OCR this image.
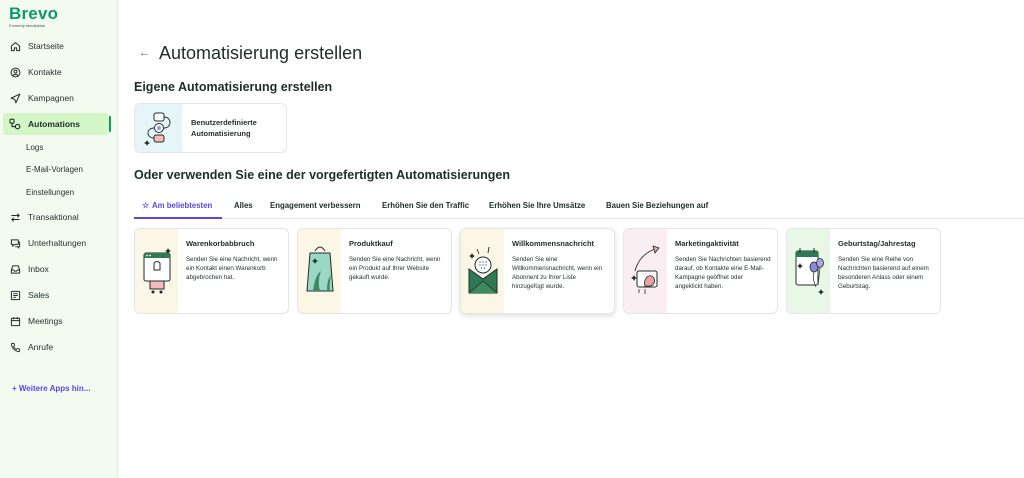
Brevo
Formerly sendinblue
Startseite
Kontakte
Kampagnen
Automations
Logs
E-Mail-Vorlagen
Einstellungen
Transaktional
Unterhaltungen
Inbox
Sales
Meetings
Anrufe
+ Weitere Apps hin...
← Automatisierung erstellen
Eigene Automatisierung erstellen
Benutzerdefinierte
Automatisierung
Oder verwenden Sie eine der vorgefertigten Automatisierungen
☆ Am beliebtesten	Alles Engagement verbessern	Erhöhen Sie den Traffic	Erhöhen Sie Ihre Umsätze	Bauen Sie Beziehungen auf
Warenkorbabbruch
Senden Sie eine Nachricht, wenn ein Kontakt einen Warenkorb abgebrochen hat.
Produktkauf
Senden Sie eine Nachricht, wenn ein Produkt auf Ihrer Website gekauft wurde.
Willkommensnachricht
Senden Sie eine Willkommensnachricht, wenn ein Abonnent zu Ihrer Liste hinzugefügt wurde.
Marketingaktivität
Senden Sie Nachrichten basierend darauf, ob Kontakte eine E-Mail-Kampagne geöffnet oder angeklickt haben.
Geburtstag/Jahrestag
Senden Sie eine Reihe von Nachrichten basierend auf einem besonderen Anlass oder einem Geburtstag.
